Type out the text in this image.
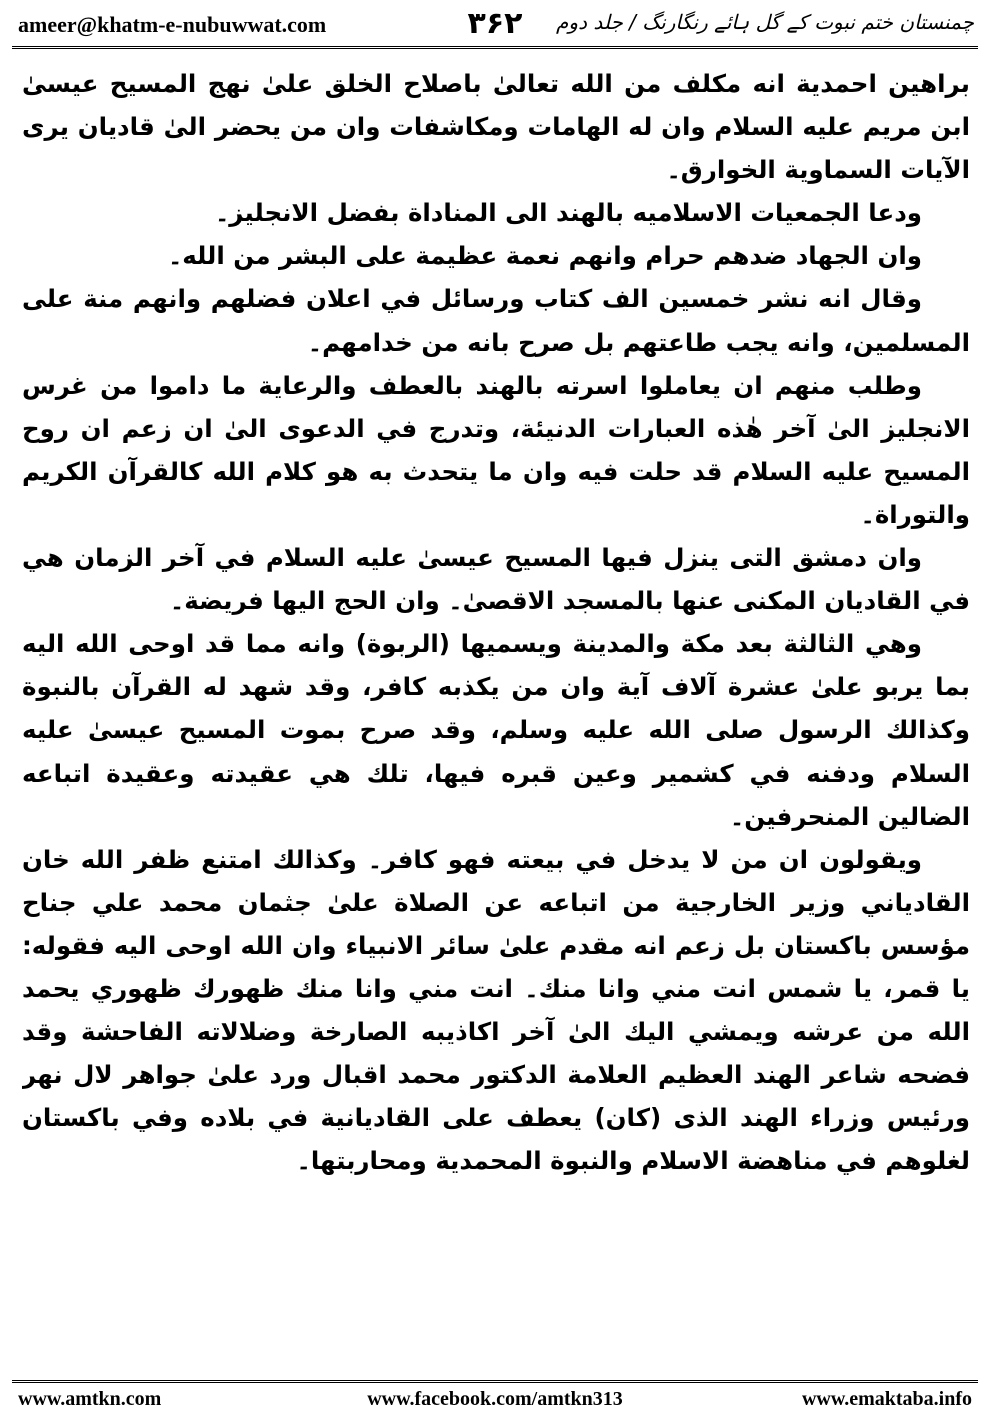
ameer@khatm-e-nubuwwat.com	۳۶۲	چمنستان ختم نبوت کے گل ہائے رنگارنگ / جلد دوم

براهين احمدية انه مكلف من الله تعالىٰ باصلاح الخلق علىٰ نهج المسيح عيسىٰ ابن مريم عليه السلام وان له الهامات ومكاشفات وان من يحضر الىٰ قاديان يرى الآيات السماوية الخوارق۔

ودعا الجمعيات الاسلاميه بالهند الى المناداة بفضل الانجليز۔

وان الجهاد ضدهم حرام وانهم نعمة عظيمة على البشر من الله۔

وقال انه نشر خمسين الف كتاب ورسائل في اعلان فضلهم وانهم منة على المسلمين، وانه يجب طاعتهم بل صرح بانه من خدامهم۔

وطلب منهم ان يعاملوا اسرته بالهند بالعطف والرعاية ما داموا من غرس الانجليز الىٰ آخر هٰذه العبارات الدنيئة، وتدرج في الدعوى الىٰ ان زعم ان روح المسيح عليه السلام قد حلت فيه وان ما يتحدث به هو كلام الله كالقرآن الكريم والتوراة۔

وان دمشق التى ينزل فيها المسيح عيسىٰ عليه السلام في آخر الزمان هي في القاديان المكنى عنها بالمسجد الاقصىٰ۔ وان الحج اليها فريضة۔

وهي الثالثة بعد مكة والمدينة ويسميها (الربوة) وانه مما قد اوحى الله اليه بما يربو علىٰ عشرة آلاف آية وان من يكذبه كافر، وقد شهد له القرآن بالنبوة وكذالك الرسول صلى الله عليه وسلم، وقد صرح بموت المسيح عيسىٰ عليه السلام ودفنه في كشمير وعين قبره فيها، تلك هي عقيدته وعقيدة اتباعه الضالين المنحرفين۔

ويقولون ان من لا يدخل في بيعته فهو كافر۔ وكذالك امتنع ظفر الله خان القادياني وزير الخارجية من اتباعه عن الصلاة علىٰ جثمان محمد علي جناح مؤسس باكستان بل زعم انه مقدم علىٰ سائر الانبياء وان الله اوحى اليه فقوله: يا قمر، يا شمس انت مني وانا منك۔ انت مني وانا منك ظهورك ظهوري يحمد الله من عرشه ويمشي اليك الىٰ آخر اكاذيبه الصارخة وضلالاته الفاحشة وقد فضحه شاعر الهند العظيم العلامة الدكتور محمد اقبال ورد علىٰ جواهر لال نهر ورئيس وزراء الهند الذى (كان) يعطف على القاديانية في بلاده وفي باكستان لغلوهم في مناهضة الاسلام والنبوة المحمدية ومحاربتها۔

www.amtkn.com	www.facebook.com/amtkn313	www.emaktaba.info
